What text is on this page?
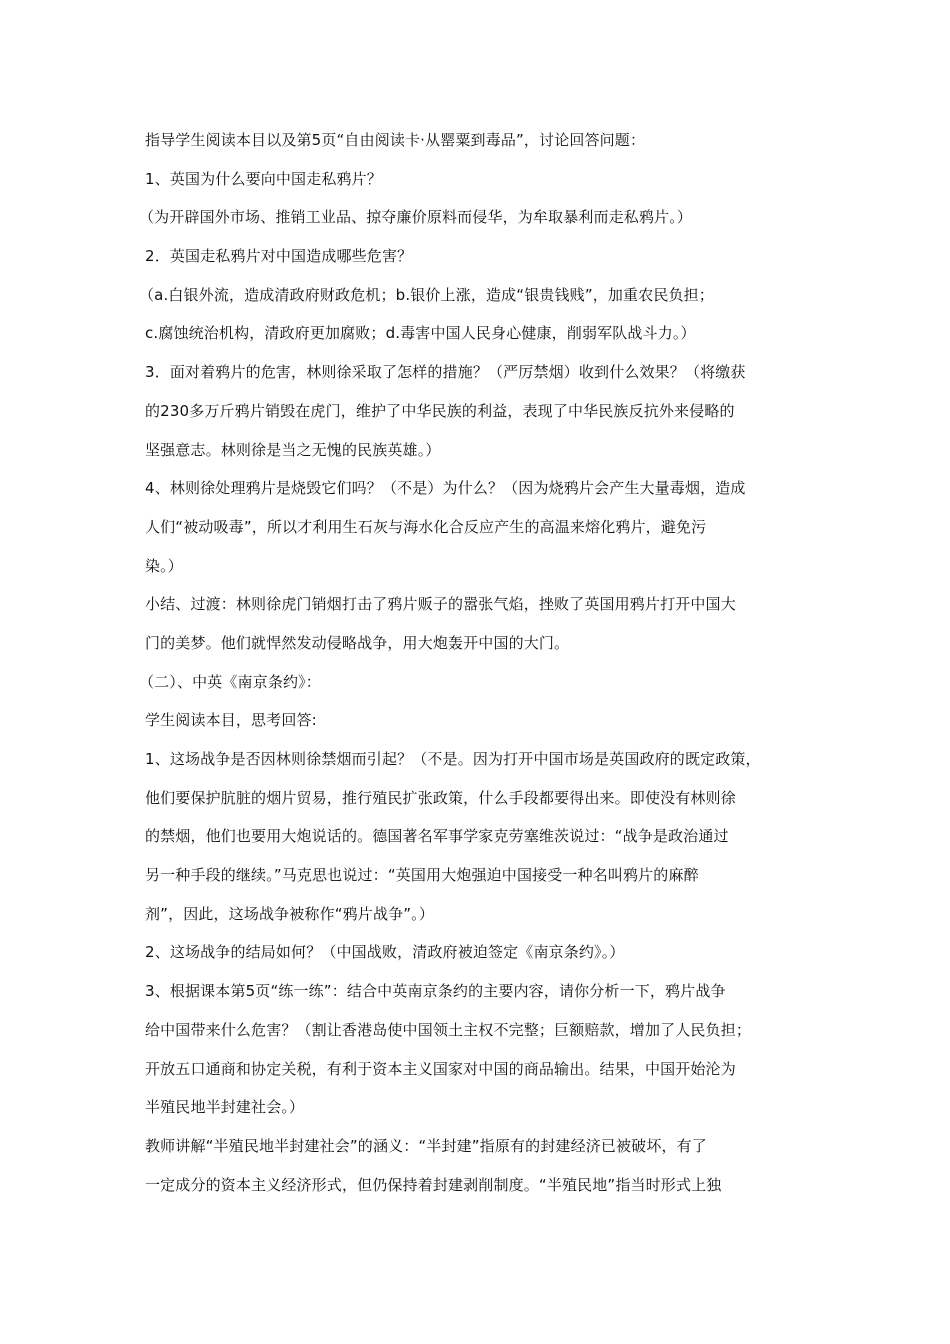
指导学生阅读本目以及第5页“自由阅读卡·从罂粟到毒品”，讨论回答问题：
1、英国为什么要向中国走私鸦片？
（为开辟国外市场、推销工业品、掠夺廉价原料而侵华，为牟取暴利而走私鸦片。）
2．英国走私鸦片对中国造成哪些危害？
（a.白银外流，造成清政府财政危机；b.银价上涨，造成“银贵钱贱”，加重农民负担；
c.腐蚀统治机构，清政府更加腐败；d.毒害中国人民身心健康，削弱军队战斗力。）
3．面对着鸦片的危害，林则徐采取了怎样的措施？（严厉禁烟）收到什么效果？（将缴获
的230多万斤鸦片销毁在虎门，维护了中华民族的利益，表现了中华民族反抗外来侵略的
坚强意志。林则徐是当之无愧的民族英雄。）
4、林则徐处理鸦片是烧毁它们吗？（不是）为什么？（因为烧鸦片会产生大量毒烟，造成
人们“被动吸毒”，所以才利用生石灰与海水化合反应产生的高温来熔化鸦片，避免污
染。）
小结、过渡：林则徐虎门销烟打击了鸦片贩子的嚣张气焰，挫败了英国用鸦片打开中国大
门的美梦。他们就悍然发动侵略战争，用大炮轰开中国的大门。
（二）、中英《南京条约》：
学生阅读本目，思考回答:
1、这场战争是否因林则徐禁烟而引起？（不是。因为打开中国市场是英国政府的既定政策，
他们要保护肮脏的烟片贸易，推行殖民扩张政策，什么手段都要得出来。即使没有林则徐
的禁烟，他们也要用大炮说话的。德国著名军事学家克劳塞维茨说过：“战争是政治通过
另一种手段的继续。”马克思也说过：“英国用大炮强迫中国接受一种名叫鸦片的麻醉
剂”，因此，这场战争被称作“鸦片战争”。）
2、这场战争的结局如何？（中国战败，清政府被迫签定《南京条约》。）
3、根据课本第5页“练一练”：结合中英南京条约的主要内容，请你分析一下，鸦片战争
给中国带来什么危害？（割让香港岛使中国领土主权不完整；巨额赔款，增加了人民负担；
开放五口通商和协定关税，有利于资本主义国家对中国的商品输出。结果，中国开始沦为
半殖民地半封建社会。）
教师讲解“半殖民地半封建社会”的涵义：“半封建”指原有的封建经济已被破坏，有了
一定成分的资本主义经济形式，但仍保持着封建剥削制度。“半殖民地”指当时形式上独
